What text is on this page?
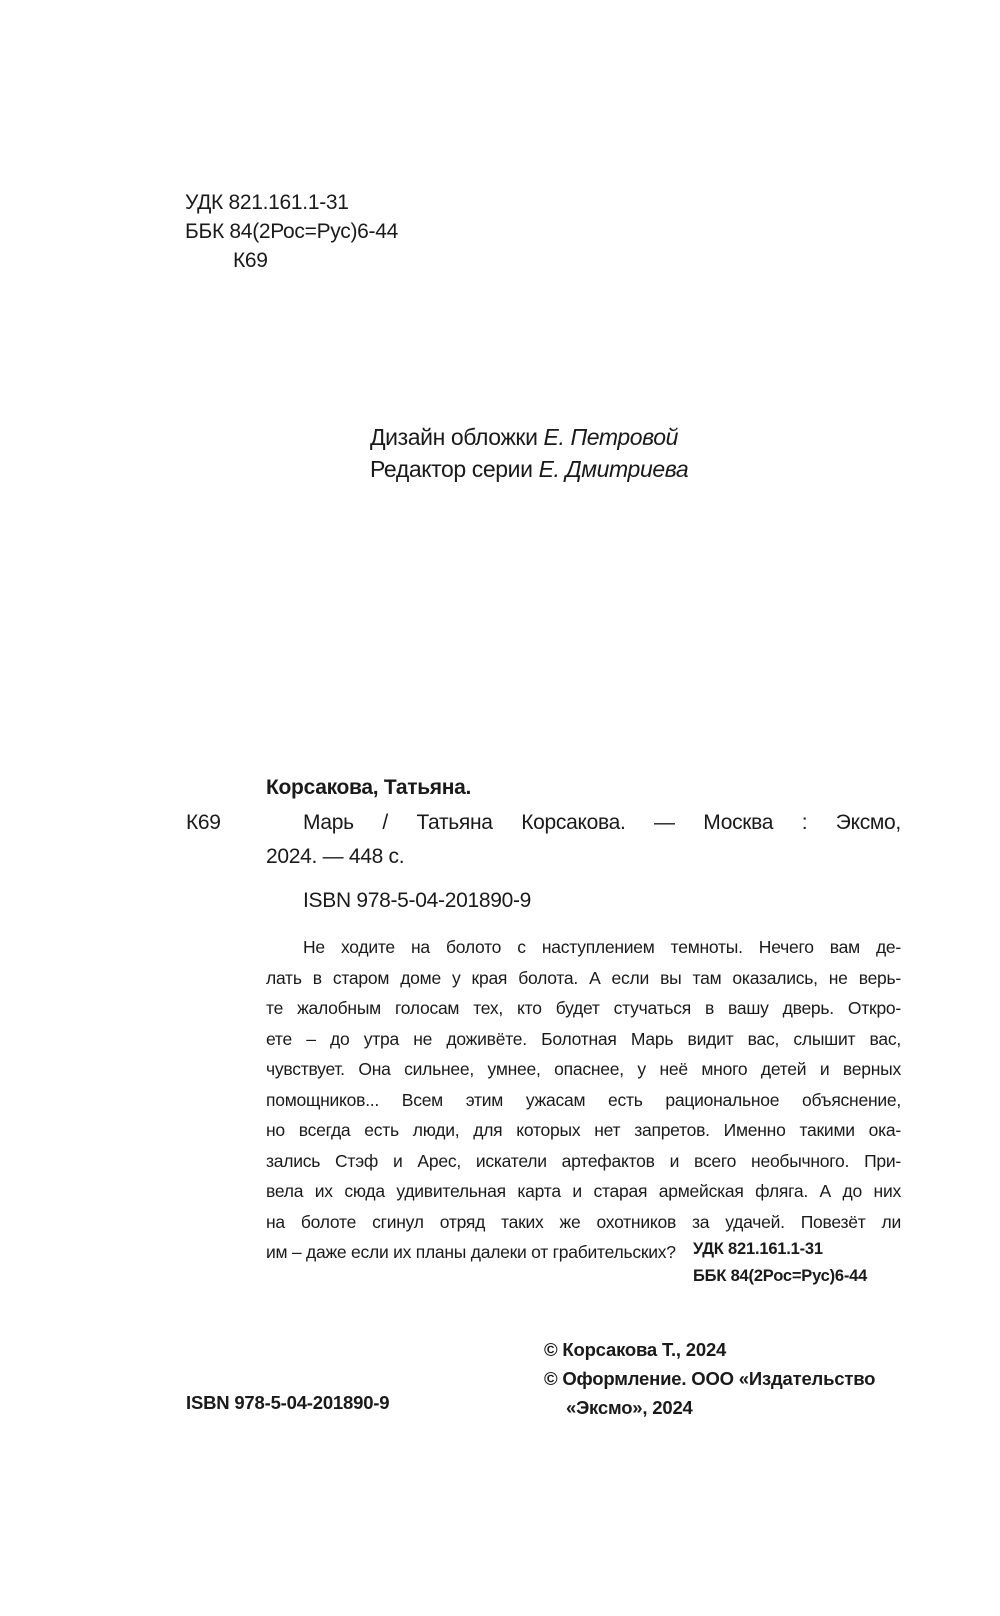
УДК 821.161.1-31
ББК 84(2Рос=Рус)6-44
К69
Дизайн обложки Е. Петровой
Редактор серии Е. Дмитриева
Корсакова, Татьяна.
К69	Марь / Татьяна Корсакова. — Москва : Эксмо,
2024. — 448 с.
ISBN 978-5-04-201890-9
Не ходите на болото с наступлением темноты. Нечего вам де-
лать в старом доме у края болота. А если вы там оказались, не верь-
те жалобным голосам тех, кто будет стучаться в вашу дверь. Откро-
ете – до утра не доживёте. Болотная Марь видит вас, слышит вас,
чувствует. Она сильнее, умнее, опаснее, у неё много детей и верных
помощников... Всем этим ужасам есть рациональное объяснение,
но всегда есть люди, для которых нет запретов. Именно такими ока-
зались Стэф и Арес, искатели артефактов и всего необычного. При-
вела их сюда удивительная карта и старая армейская фляга. А до них
на болоте сгинул отряд таких же охотников за удачей. Повезёт ли
им – даже если их планы далеки от грабительских?	УДК 821.161.1-31
ББК 84(2Рос=Рус)6-44
© Корсакова Т., 2024
© Оформление. ООО «Издательство
«Эксмо», 2024
ISBN 978-5-04-201890-9
